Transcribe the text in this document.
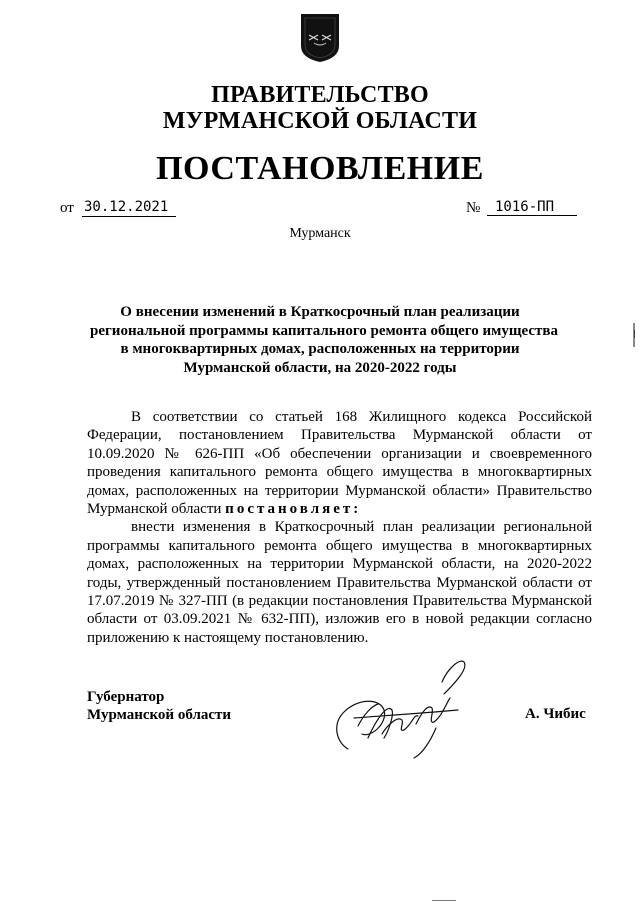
ПРАВИТЕЛЬСТВО
МУРМАНСКОЙ ОБЛАСТИ
ПОСТАНОВЛЕНИЕ
от 30.12.2021	№	1016-ПП
Мурманск
О внесении изменений в Краткосрочный план реализации
региональной программы капитального ремонта общего имущества
в многоквартирных домах, расположенных на территории
Мурманской области, на 2020-2022 годы
В соответствии со статьей 168 Жилищного кодекса Российской
Федерации, постановлением Правительства Мурманской области от
10.09.2020 № 626-ПП «Об обеспечении организации и своевременного
проведения капитального ремонта общего имущества в многоквартирных
домах, расположенных на территории Мурманской области» Правительство
Мурманской области постановляет:
внести изменения в Краткосрочный план реализации региональной
программы капитального ремонта общего имущества в многоквартирных
домах, расположенных на территории Мурманской области, на 2020-2022
годы, утвержденный постановлением Правительства Мурманской области от
17.07.2019 № 327-ПП (в редакции постановления Правительства Мурманской
области от 03.09.2021 № 632-ПП), изложив его в новой редакции согласно
приложению к настоящему постановлению.
Губернатор
Мурманской области	А. Чибис
